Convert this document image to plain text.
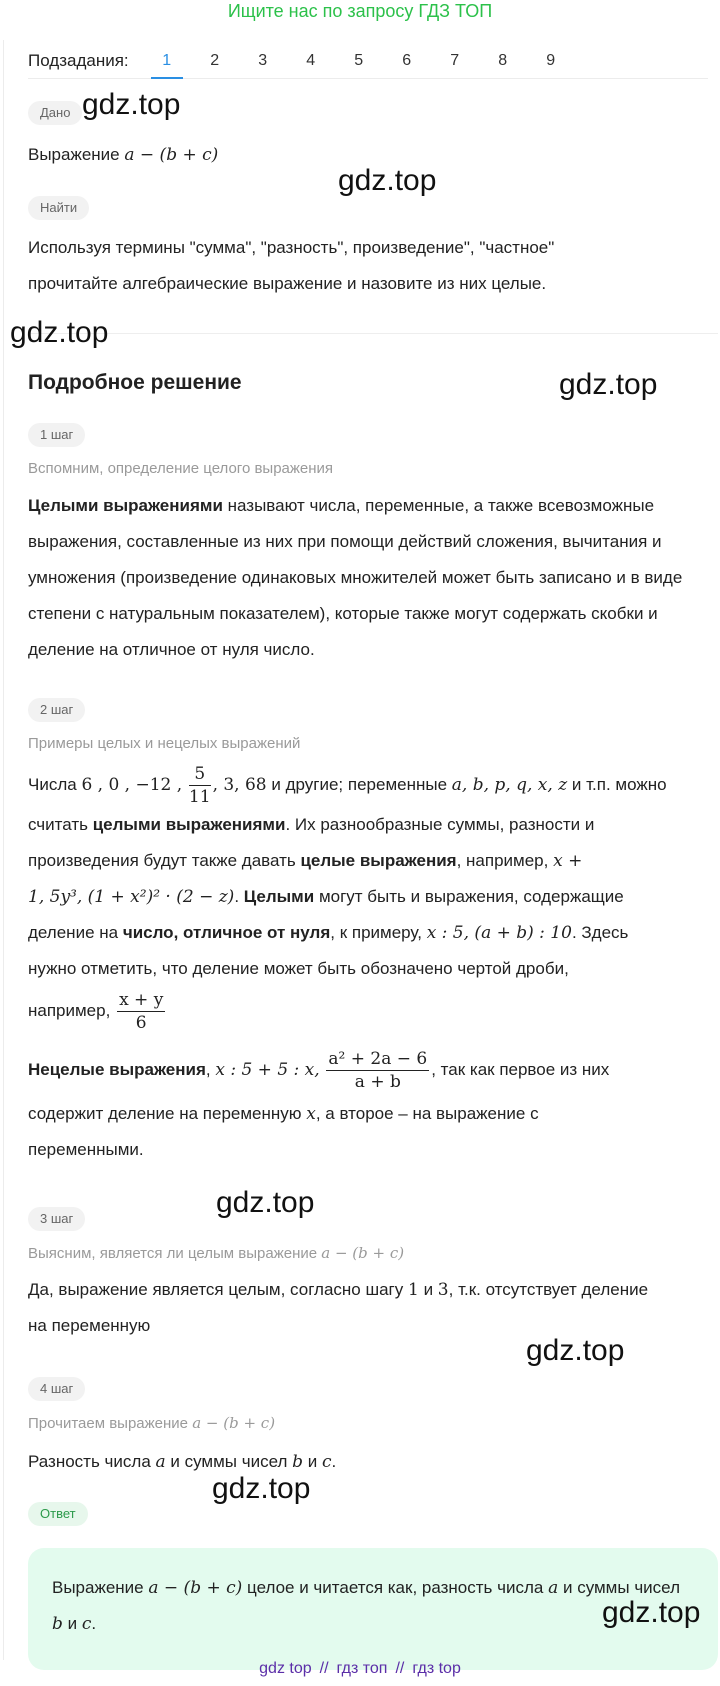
Ищите нас по запросу ГДЗ ТОП
Подзадания:	1	2	3	4	5	6	7	8	9
Дано
Выражение a − (b + c)
Найти
Используя термины "сумма", "разность", произведение", "частное" прочитайте алгебраические выражение и назовите из них целые.
Подробное решение
1 шаг
Вспомним, определение целого выражения
Целыми выражениями называют числа, переменные, а также всевозможные выражения, составленные из них при помощи действий сложения, вычитания и умножения (произведение одинаковых множителей может быть записано и в виде степени с натуральным показателем), которые также могут содержать скобки и деление на отличное от нуля число.
2 шаг
Примеры целых и нецелых выражений
Числа 6 , 0 , −12 , $\frac{5}{11}$ , 3, 68 и другие; переменные a, b, p, q, x, z и т.п. можно
считать целыми выражениями. Их разнообразные суммы, разности и
произведения будут также давать целые выражения, например, x +
1, 5y³, (1 + x²)² · (2 − z). Целыми могут быть и выражения, содержащие
деление на число, отличное от нуля, к примеру, x : 5, (a + b) : 10. Здесь
нужно отметить, что деление может быть обозначено чертой дроби,
например, $\frac{x + y}{6}$
Нецелые выражения, x : 5 + 5 : x, $\frac{\text{a² + 2a − 6}}{a + b}$ , так как первое из них
содержит деление на переменную x, а второе – на выражение с
переменными.
3 шаг
Выясним, является ли целым выражение a − (b + c)
Да, выражение является целым, согласно шагу 1 и 3, т.к. отсутствует деление
на переменную
4 шаг
Прочитаем выражение a − (b + c)
Разность числа a и суммы чисел b и c.
Ответ
Выражение a − (b + c) целое и читается как, разность числа a и суммы чисел b и c.
gdz.top
gdz.top
gdz.top
gdz.top
gdz.top
gdz.top
gdz.top
gdz.top
gdz top // гдз топ // гдз top
